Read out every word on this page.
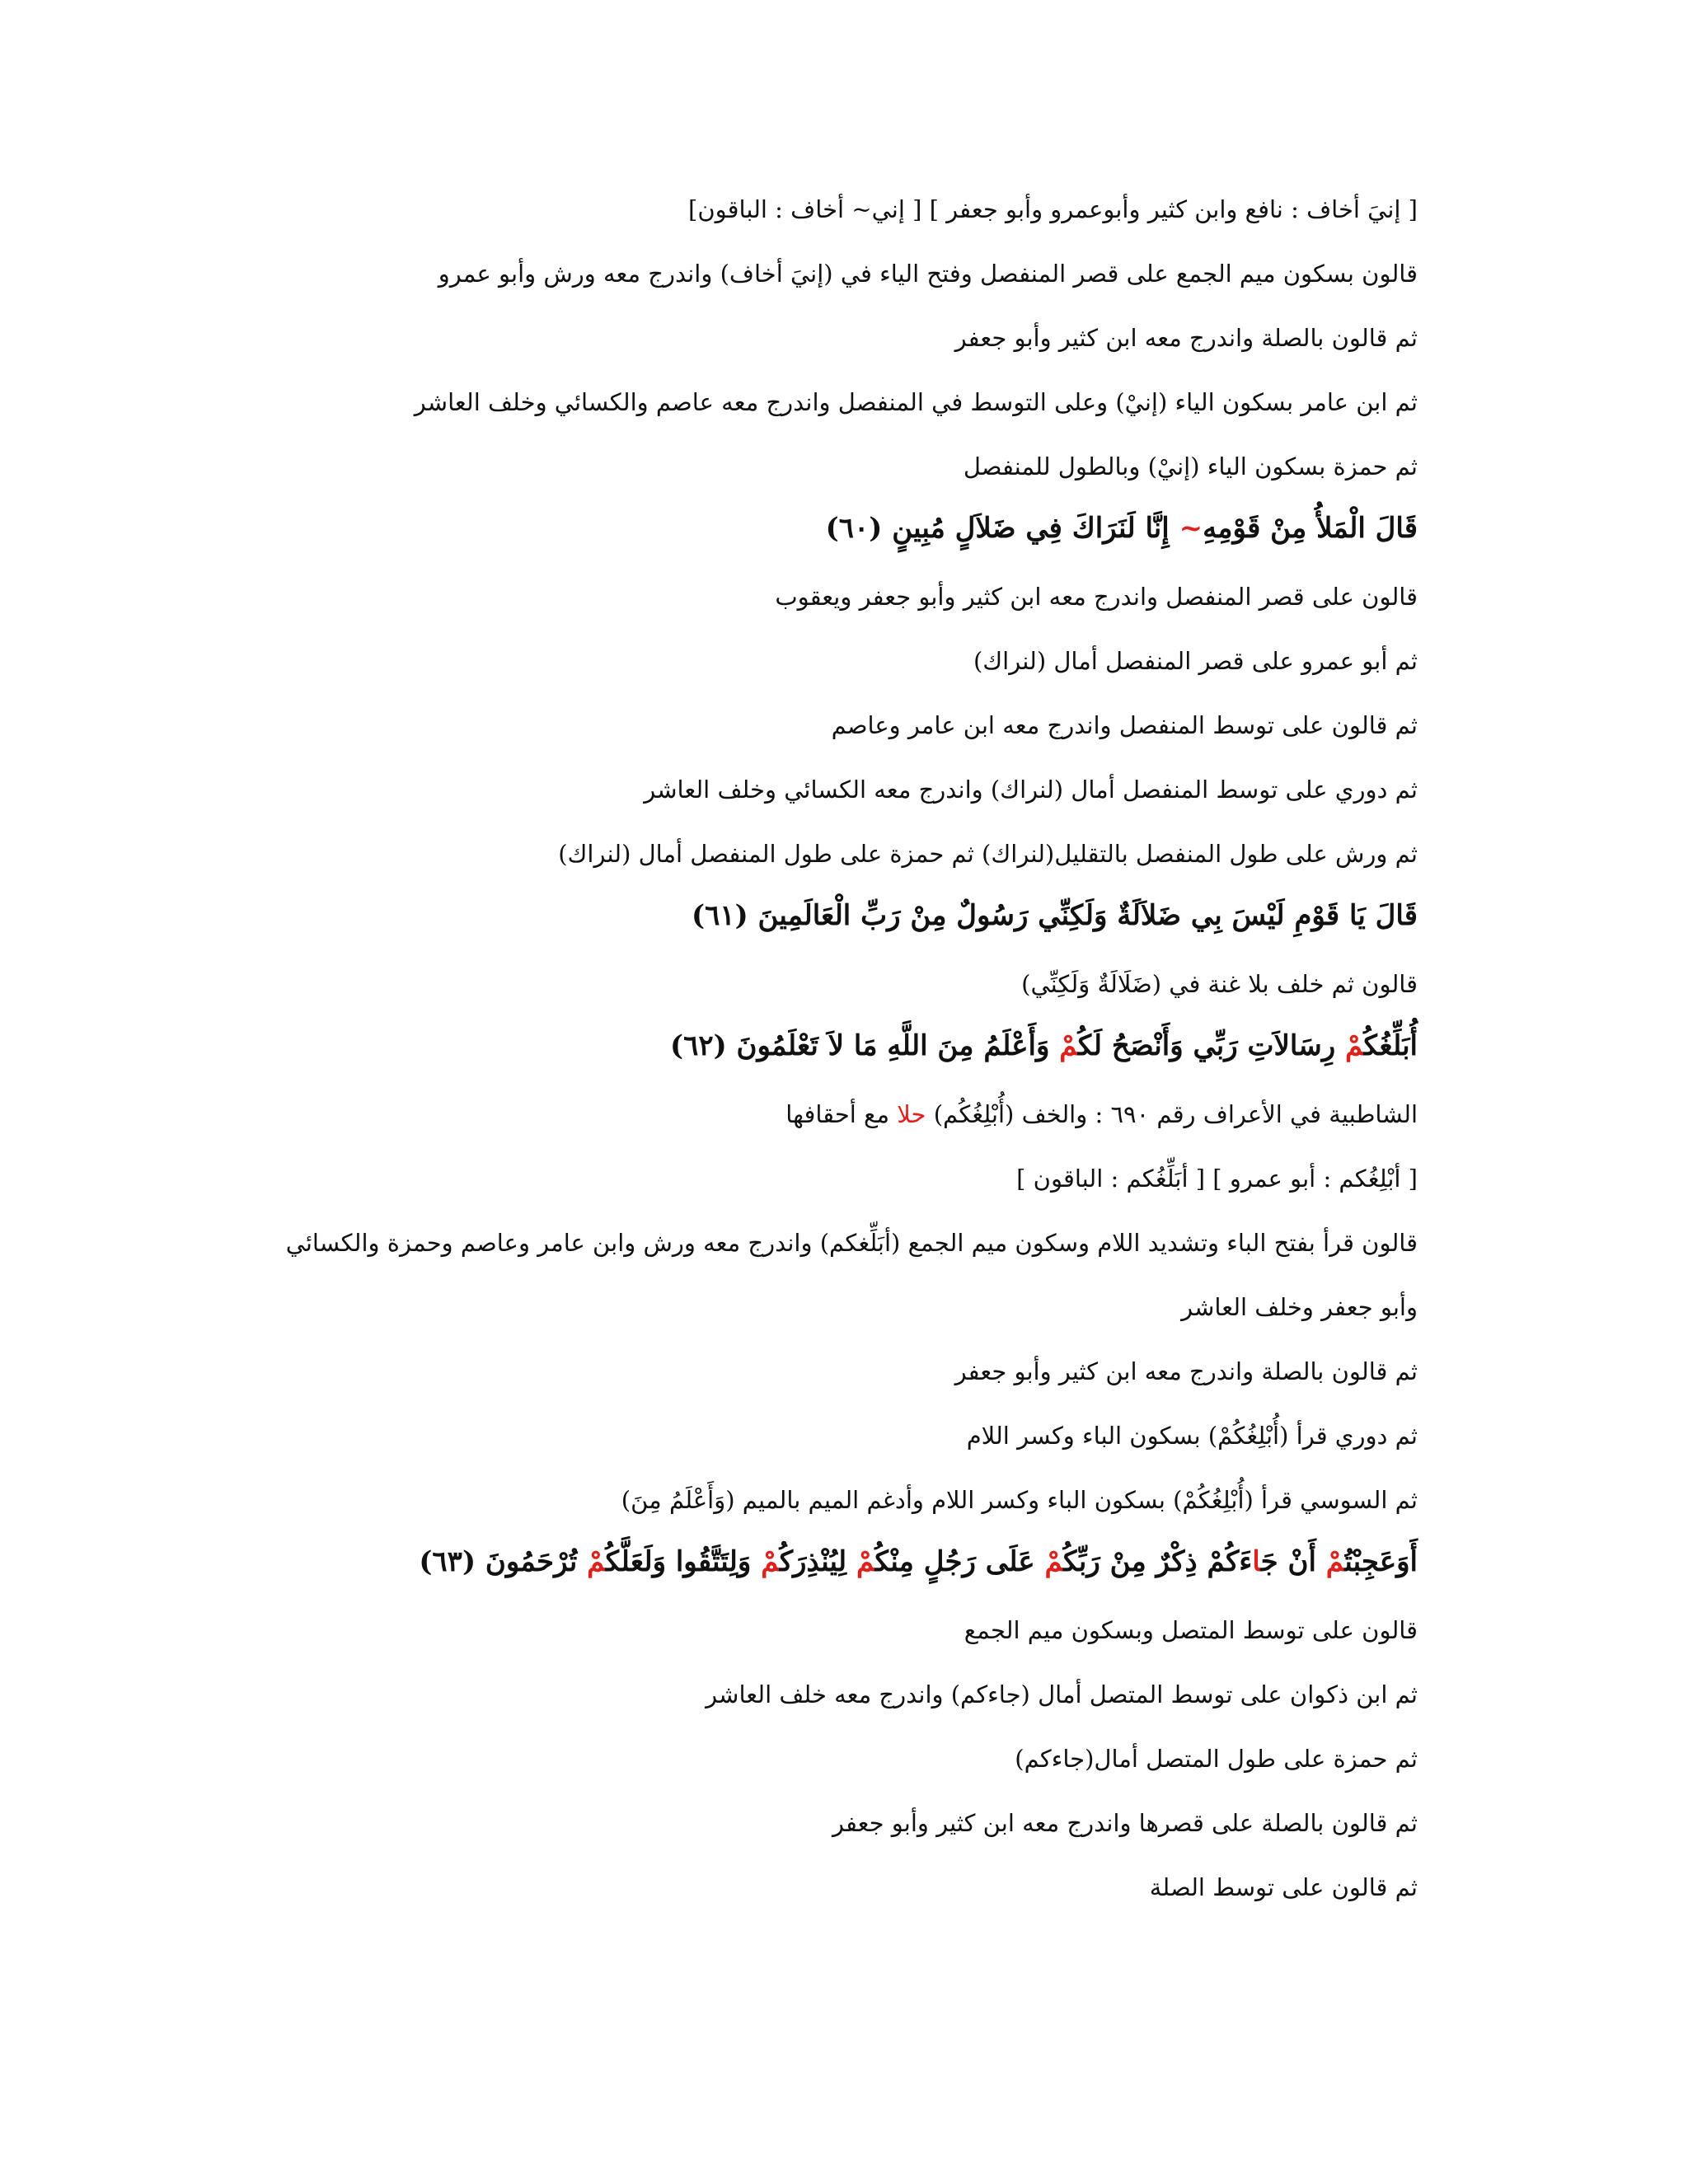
[ إنيَ أخاف : نافع وابن كثير وأبوعمرو وأبو جعفر ] [ إني~ أخاف : الباقون]
قالون بسكون ميم الجمع على قصر المنفصل وفتح الياء في (إنيَ أخاف) واندرج معه ورش وأبو عمرو
ثم قالون بالصلة واندرج معه ابن كثير وأبو جعفر
ثم ابن عامر بسكون الياء (إنيْ) وعلى التوسط في المنفصل واندرج معه عاصم والكسائي وخلف العاشر
ثم حمزة بسكون الياء (إنيْ) وبالطول للمنفصل
قَالَ الْمَلأُ مِنْ قَوْمِهِ~ إِنَّا لَنَرَاكَ فِي ضَلاَلٍ مُبِينٍ (٦٠)
قالون على قصر المنفصل واندرج معه ابن كثير وأبو جعفر ويعقوب
ثم أبو عمرو على قصر المنفصل أمال (لنراك)
ثم قالون على توسط المنفصل واندرج معه ابن عامر وعاصم
ثم دوري على توسط المنفصل أمال (لنراك) واندرج معه الكسائي وخلف العاشر
ثم ورش على طول المنفصل بالتقليل(لنراك) ثم حمزة على طول المنفصل أمال (لنراك)
قَالَ يَا قَوْمِ لَيْسَ بِي ضَلاَلَةٌ وَلَكِنِّي رَسُولٌ مِنْ رَبِّ الْعَالَمِينَ (٦١)
قالون ثم خلف بلا غنة في (ضَلَالَةٌ وَلَكِنِّي)
أُبَلِّغُكُمْ رِسَالاَتِ رَبِّي وَأَنْصَحُ لَكُمْ وَأَعْلَمُ مِنَ اللَّهِ مَا لاَ تَعْلَمُونَ (٦٢)
الشاطبية في الأعراف رقم ٦٩٠ : والخف (أُبْلِغُكُم) حلا مع أحقافها
[ أبْلِغُكم : أبو عمرو ] [ أبَلِّغُكم : الباقون ]
قالون قرأ بفتح الباء وتشديد اللام وسكون ميم الجمع (أبَلِّغكم) واندرج معه ورش وابن عامر وعاصم وحمزة والكسائي
وأبو جعفر وخلف العاشر
ثم قالون بالصلة واندرج معه ابن كثير وأبو جعفر
ثم دوري قرأ (أُبْلِغُكُمْ) بسكون الباء وكسر اللام
ثم السوسي قرأ (أُبْلِغُكُمْ) بسكون الباء وكسر اللام وأدغم الميم بالميم (وَأَعْلَمُ مِنَ)
أَوَعَجِبْتُمْ أَنْ جَاءَكُمْ ذِكْرٌ مِنْ رَبِّكُمْ عَلَى رَجُلٍ مِنْكُمْ لِيُنْذِرَكُمْ وَلِتَتَّقُوا وَلَعَلَّكُمْ تُرْحَمُونَ (٦٣)
قالون على توسط المتصل وبسكون ميم الجمع
ثم ابن ذكوان على توسط المتصل أمال (جاءكم) واندرج معه خلف العاشر
ثم حمزة على طول المتصل أمال(جاءكم)
ثم قالون بالصلة على قصرها واندرج معه ابن كثير وأبو جعفر
ثم قالون على توسط الصلة
